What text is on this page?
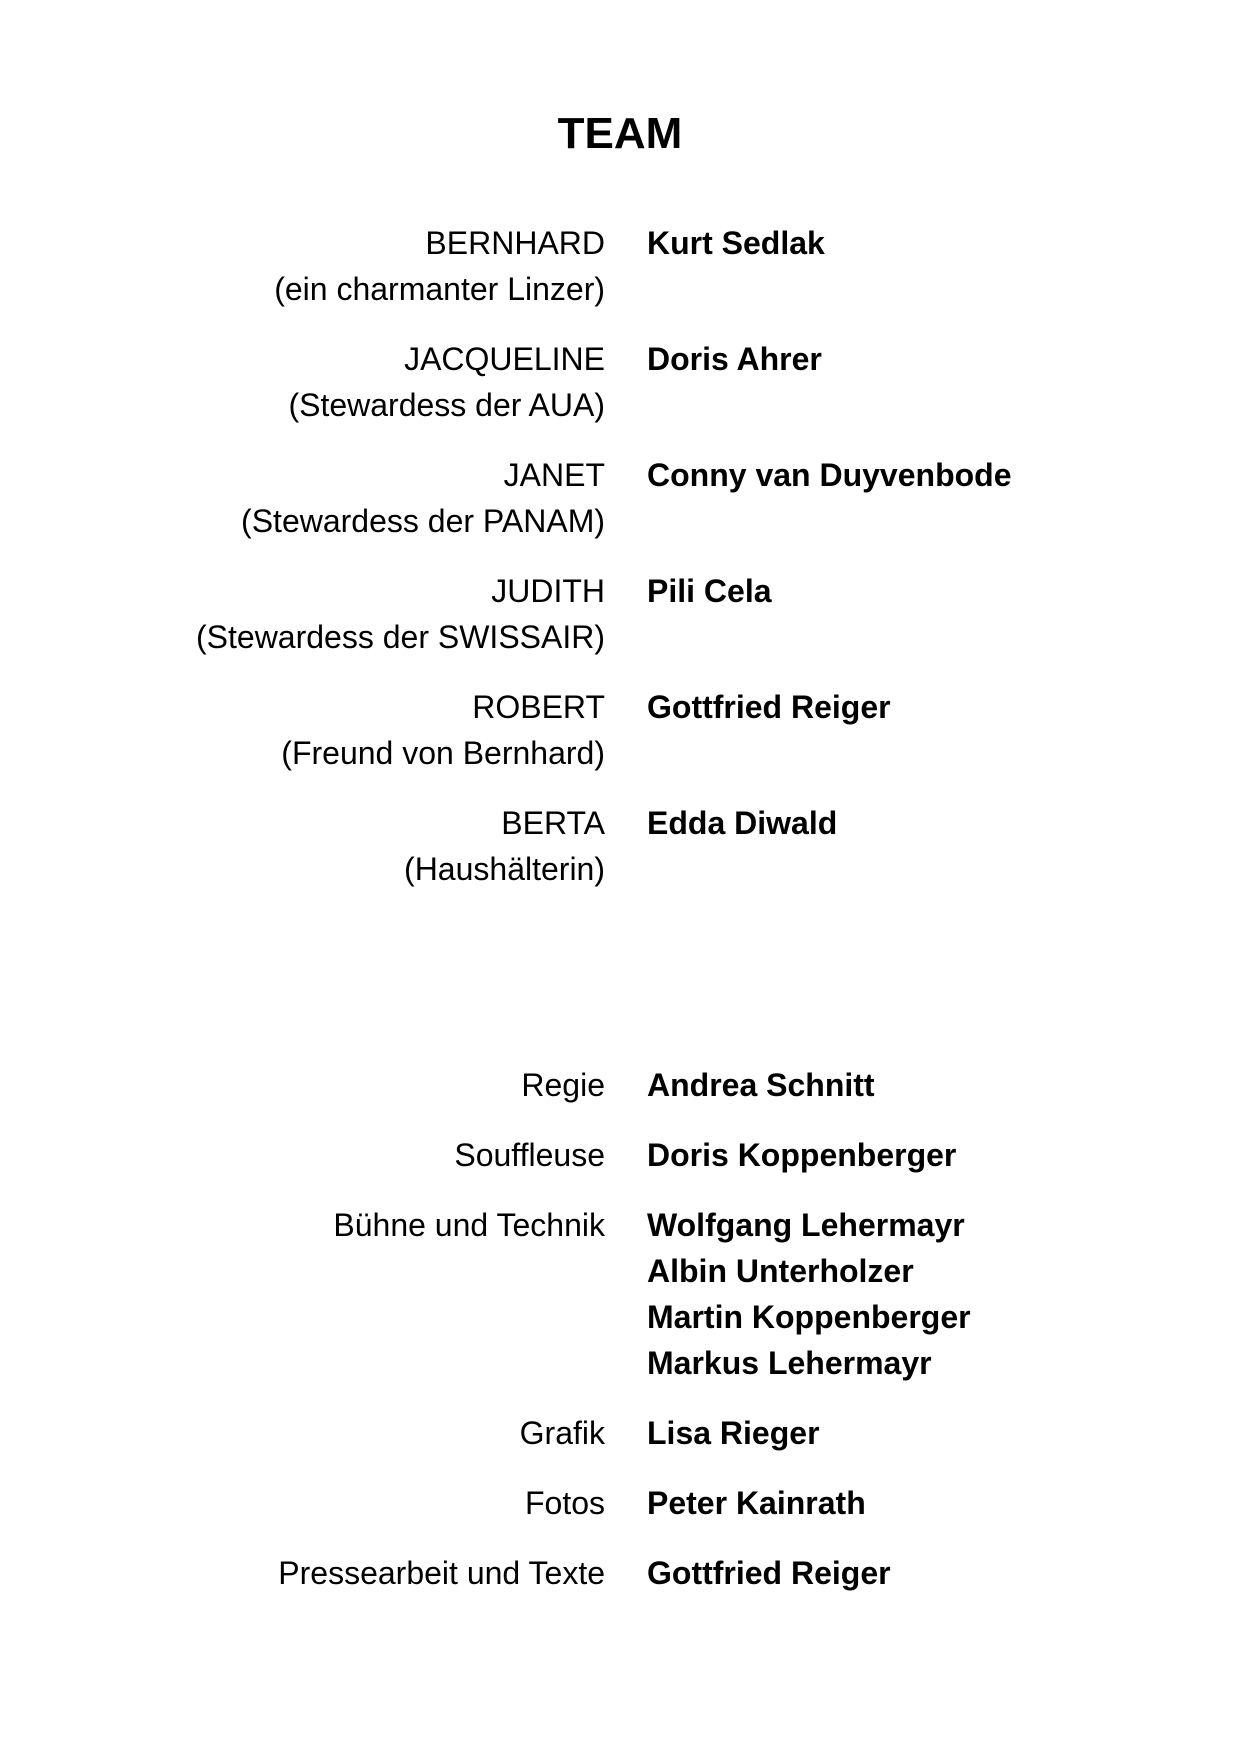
TEAM
BERNHARD
(ein charmanter Linzer)
Kurt Sedlak
JACQUELINE
(Stewardess der AUA)
Doris Ahrer
JANET
(Stewardess der PANAM)
Conny van Duyvenbode
JUDITH
(Stewardess der SWISSAIR)
Pili Cela
ROBERT
(Freund von Bernhard)
Gottfried Reiger
BERTA
(Haushälterin)
Edda Diwald
Regie Andrea Schnitt
Souffleuse Doris Koppenberger
Bühne und Technik Wolfgang Lehermayr
Albin Unterholzer
Martin Koppenberger
Markus Lehermayr
Grafik Lisa Rieger
Fotos Peter Kainrath
Pressearbeit und Texte Gottfried Reiger
